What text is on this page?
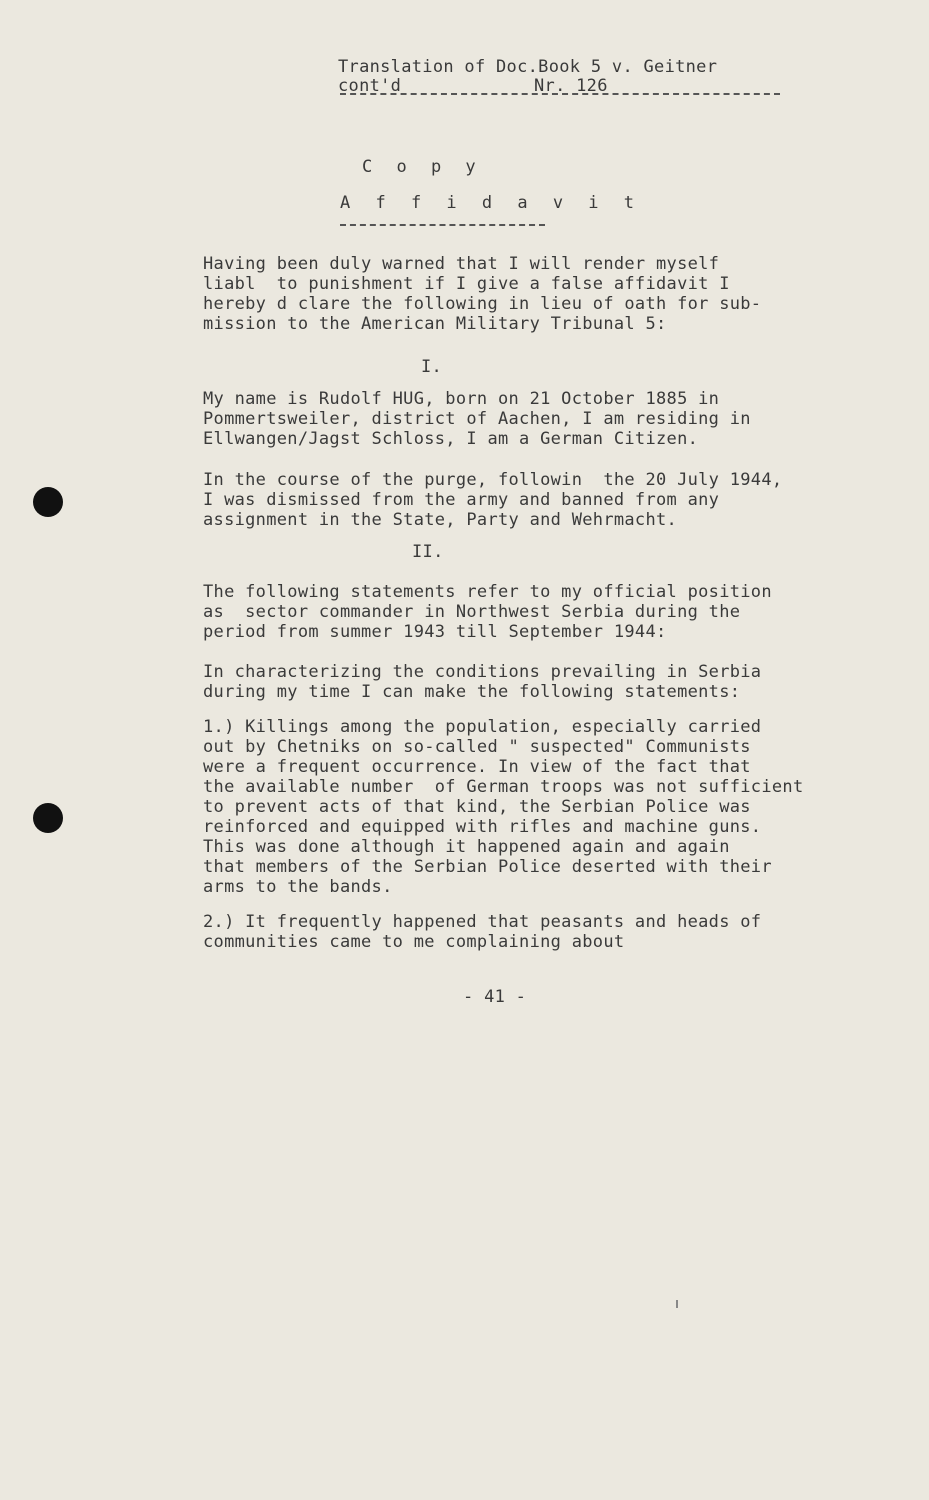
Translation of Doc.Book 5 v. Geitner
cont'd	Nr. 126
C o p y
A f f i d a v i t
Having been duly warned that I will render myself
liabl  to punishment if I give a false affidavit I
hereby d clare the following in lieu of oath for sub-
mission to the American Military Tribunal 5:
I.
My name is Rudolf HUG, born on 21 October 1885 in
Pommertsweiler, district of Aachen, I am residing in
Ellwangen/Jagst Schloss, I am a German Citizen.
In the course of the purge, followin  the 20 July 1944,
I was dismissed from the army and banned from any
assignment in the State, Party and Wehrmacht.
II.
The following statements refer to my official position
as  sector commander in Northwest Serbia during the
period from summer 1943 till September 1944:
In characterizing the conditions prevailing in Serbia
during my time I can make the following statements:
1.) Killings among the population, especially carried
out by Chetniks on so-called " suspected" Communists
were a frequent occurrence. In view of the fact that
the available number  of German troops was not sufficient
to prevent acts of that kind, the Serbian Police was
reinforced and equipped with rifles and machine guns.
This was done although it happened again and again
that members of the Serbian Police deserted with their
arms to the bands.
2.) It frequently happened that peasants and heads of
communities came to me complaining about
- 41 -
